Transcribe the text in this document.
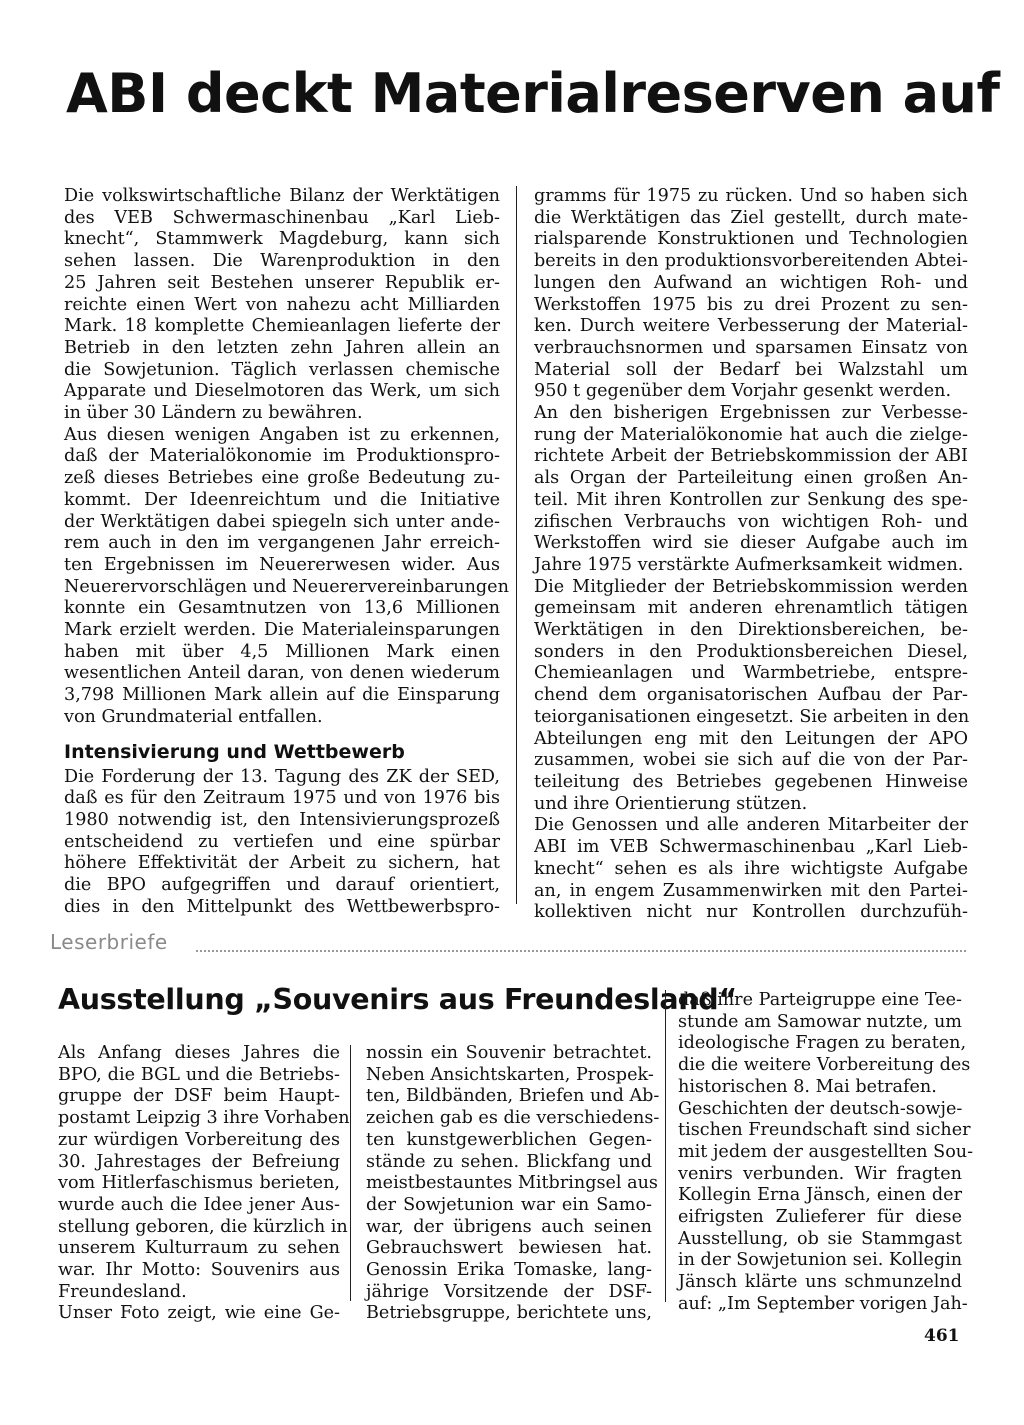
ABI deckt Materialreserven auf

Die volkswirtschaftliche Bilanz der Werktätigen
des VEB Schwermaschinenbau „Karl Lieb-
knecht“, Stammwerk Magdeburg, kann sich
sehen lassen. Die Warenproduktion in den
25 Jahren seit Bestehen unserer Republik er-
reichte einen Wert von nahezu acht Milliarden
Mark. 18 komplette Chemieanlagen lieferte der
Betrieb in den letzten zehn Jahren allein an
die Sowjetunion. Täglich verlassen chemische
Apparate und Dieselmotoren das Werk, um sich
in über 30 Ländern zu bewähren.

Aus diesen wenigen Angaben ist zu erkennen,
daß der Materialökonomie im Produktionspro-
zeß dieses Betriebes eine große Bedeutung zu-
kommt. Der Ideenreichtum und die Initiative
der Werktätigen dabei spiegeln sich unter ande-
rem auch in den im vergangenen Jahr erreich-
ten Ergebnissen im Neuererwesen wider. Aus
Neuerervorschlägen und Neuerervereinbarungen
konnte ein Gesamtnutzen von 13,6 Millionen
Mark erzielt werden. Die Materialeinsparungen
haben mit über 4,5 Millionen Mark einen
wesentlichen Anteil daran, von denen wiederum
3,798 Millionen Mark allein auf die Einsparung
von Grundmaterial entfallen.

Intensivierung und Wettbewerb

Die Forderung der 13. Tagung des ZK der SED,
daß es für den Zeitraum 1975 und von 1976 bis
1980 notwendig ist, den Intensivierungsprozeß
entscheidend zu vertiefen und eine spürbar
höhere Effektivität der Arbeit zu sichern, hat
die BPO aufgegriffen und darauf orientiert,
dies in den Mittelpunkt des Wettbewerbspro-

gramms für 1975 zu rücken. Und so haben sich
die Werktätigen das Ziel gestellt, durch mate-
rialsparende Konstruktionen und Technologien
bereits in den produktionsvorbereitenden Abtei-
lungen den Aufwand an wichtigen Roh- und
Werkstoffen 1975 bis zu drei Prozent zu sen-
ken. Durch weitere Verbesserung der Material-
verbrauchsnormen und sparsamen Einsatz von
Material soll der Bedarf bei Walzstahl um
950 t gegenüber dem Vorjahr gesenkt werden.

An den bisherigen Ergebnissen zur Verbesse-
rung der Materialökonomie hat auch die zielge-
richtete Arbeit der Betriebskommission der ABI
als Organ der Parteileitung einen großen An-
teil. Mit ihren Kontrollen zur Senkung des spe-
zifischen Verbrauchs von wichtigen Roh- und
Werkstoffen wird sie dieser Aufgabe auch im
Jahre 1975 verstärkte Aufmerksamkeit widmen.

Die Mitglieder der Betriebskommission werden
gemeinsam mit anderen ehrenamtlich tätigen
Werktätigen in den Direktionsbereichen, be-
sonders in den Produktionsbereichen Diesel,
Chemieanlagen und Warmbetriebe, entspre-
chend dem organisatorischen Aufbau der Par-
teiorganisationen eingesetzt. Sie arbeiten in den
Abteilungen eng mit den Leitungen der APO
zusammen, wobei sie sich auf die von der Par-
teileitung des Betriebes gegebenen Hinweise
und ihre Orientierung stützen.

Die Genossen und alle anderen Mitarbeiter der
ABI im VEB Schwermaschinenbau „Karl Lieb-
knecht“ sehen es als ihre wichtigste Aufgabe
an, in engem Zusammenwirken mit den Partei-
kollektiven nicht nur Kontrollen durchzufüh-

Leserbriefe
Ausstellung „Souvenirs aus Freundesland“

Als Anfang dieses Jahres die
BPO, die BGL und die Betriebs-
gruppe der DSF beim Haupt-
postamt Leipzig 3 ihre Vorhaben
zur würdigen Vorbereitung des
30. Jahrestages der Befreiung
vom Hitlerfaschismus berieten,
wurde auch die Idee jener Aus-
stellung geboren, die kürzlich in
unserem Kulturraum zu sehen
war. Ihr Motto: Souvenirs aus
Freundesland.

Unser Foto zeigt, wie eine Ge-

nossin ein Souvenir betrachtet.
Neben Ansichtskarten, Prospek-
ten, Bildbänden, Briefen und Ab-
zeichen gab es die verschiedens-
ten kunstgewerblichen Gegen-
stände zu sehen. Blickfang und
meistbestauntes Mitbringsel aus
der Sowjetunion war ein Samo-
war, der übrigens auch seinen
Gebrauchswert bewiesen hat.
Genossin Erika Tomaske, lang-
jährige Vorsitzende der DSF-
Betriebsgruppe, berichtete uns,

daß ihre Parteigruppe eine Tee-
stunde am Samowar nutzte, um
ideologische Fragen zu beraten,
die die weitere Vorbereitung des
historischen 8. Mai betrafen.

Geschichten der deutsch-sowje-
tischen Freundschaft sind sicher
mit jedem der ausgestellten Sou-
venirs verbunden. Wir fragten
Kollegin Erna Jänsch, einen der
eifrigsten Zulieferer für diese
Ausstellung, ob sie Stammgast
in der Sowjetunion sei. Kollegin
Jänsch klärte uns schmunzelnd
auf: „Im September vorigen Jah-

461
